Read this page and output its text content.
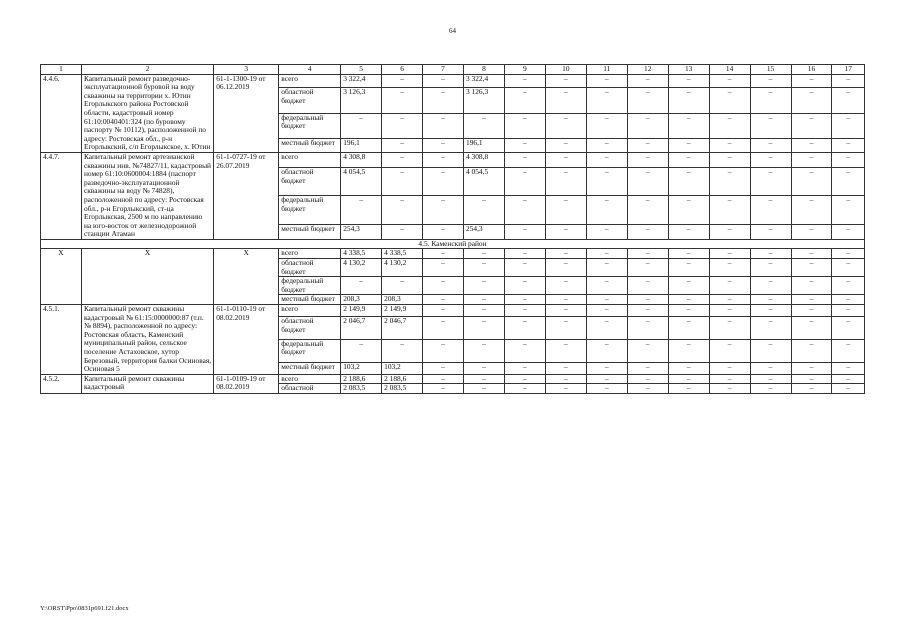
64
1	2	3	4	5	6	7	8	9	10	11	12	13	14	15	16	17
4.4.6.	Капитальный ремонт разведочно-эксплуатационной буровой на воду скважины на территории х. Ютин Егорлыкского района Ростовской области, кадастровый номер 61:10:0040401:324 (по буровому паспорту № 10112), расположенной по адресу: Ростовская обл., р-н Егорлыкский, с/п Егорлыкское, х. Ютин	61-1-1300-19 от 06.12.2019	всего	3 322,4	–	–	3 322,4	–	–	–	–	–	–	–	–	–
			областной бюджет	3 126,3	–	–	3 126,3	–	–	–	–	–	–	–	–	–
			федеральный бюджет	–	–	–	–	–	–	–	–	–	–	–	–	–
			местный бюджет	196,1	–	–	196,1	–	–	–	–	–	–	–	–	–
4.4.7.	Капитальный ремонт артезианской скважины инв. №74827/11, кадастровый номер 61:10:0600004:1884 (паспорт разведочно-эксплуатационной скважины на воду № 74828), расположенной по адресу: Ростовская обл., р-н Егорлыкский, ст-ца Егорлыкская, 2500 м по направлению на юго-восток от железнодорожной станции Атаман	61-1-0727-19 от 26.07.2019	всего	4 308,8	–	–	4 308,8	–	–	–	–	–	–	–	–	–
			областной бюджет	4 054,5	–	–	4 054,5	–	–	–	–	–	–	–	–	–
			федеральный бюджет	–	–	–	–	–	–	–	–	–	–	–	–	–
			местный бюджет	254,3	–	–	254,3	–	–	–	–	–	–	–	–	–
4.5. Каменский район																
Х	Х	Х	всего	4 338,5	4 338,5	–	–	–	–	–	–	–	–	–	–	–
			областной бюджет	4 130,2	4 130,2	–	–	–	–	–	–	–	–	–	–	–
			федеральный бюджет	–	–	–	–	–	–	–	–	–	–	–	–	–
			местный бюджет	208,3	208,3	–	–	–	–	–	–	–	–	–	–	–
4.5.1.	Капитальный ремонт скважины кадастровый № 61:15:0000000:87 (т.п. № 8894), расположенной по адресу: Ростовская область, Каменский муниципальный район, сельское поселение Астаховское, хутор Березовый, территория балки Осиновая, Осиновая 5	61-1-0110-19 от 08.02.2019	всего	2 149,9	2 149,9	–	–	–	–	–	–	–	–	–	–	–
			областной бюджет	2 046,7	2 046,7	–	–	–	–	–	–	–	–	–	–	–
			федеральный бюджет	–	–	–	–	–	–	–	–	–	–	–	–	–
			местный бюджет	103,2	103,2	–	–	–	–	–	–	–	–	–	–	–
4.5.2.	Капитальный ремонт скважины кадастровый	61-1-0109-19 от 08.02.2019	всего	2 188,6	2 188,6	–	–	–	–	–	–	–	–	–	–	–
			областной	2 083,5	2 083,5	–	–	–	–	–	–	–	–	–	–	–
Y:\ORST\Ppo\0831p691.f21.docx
